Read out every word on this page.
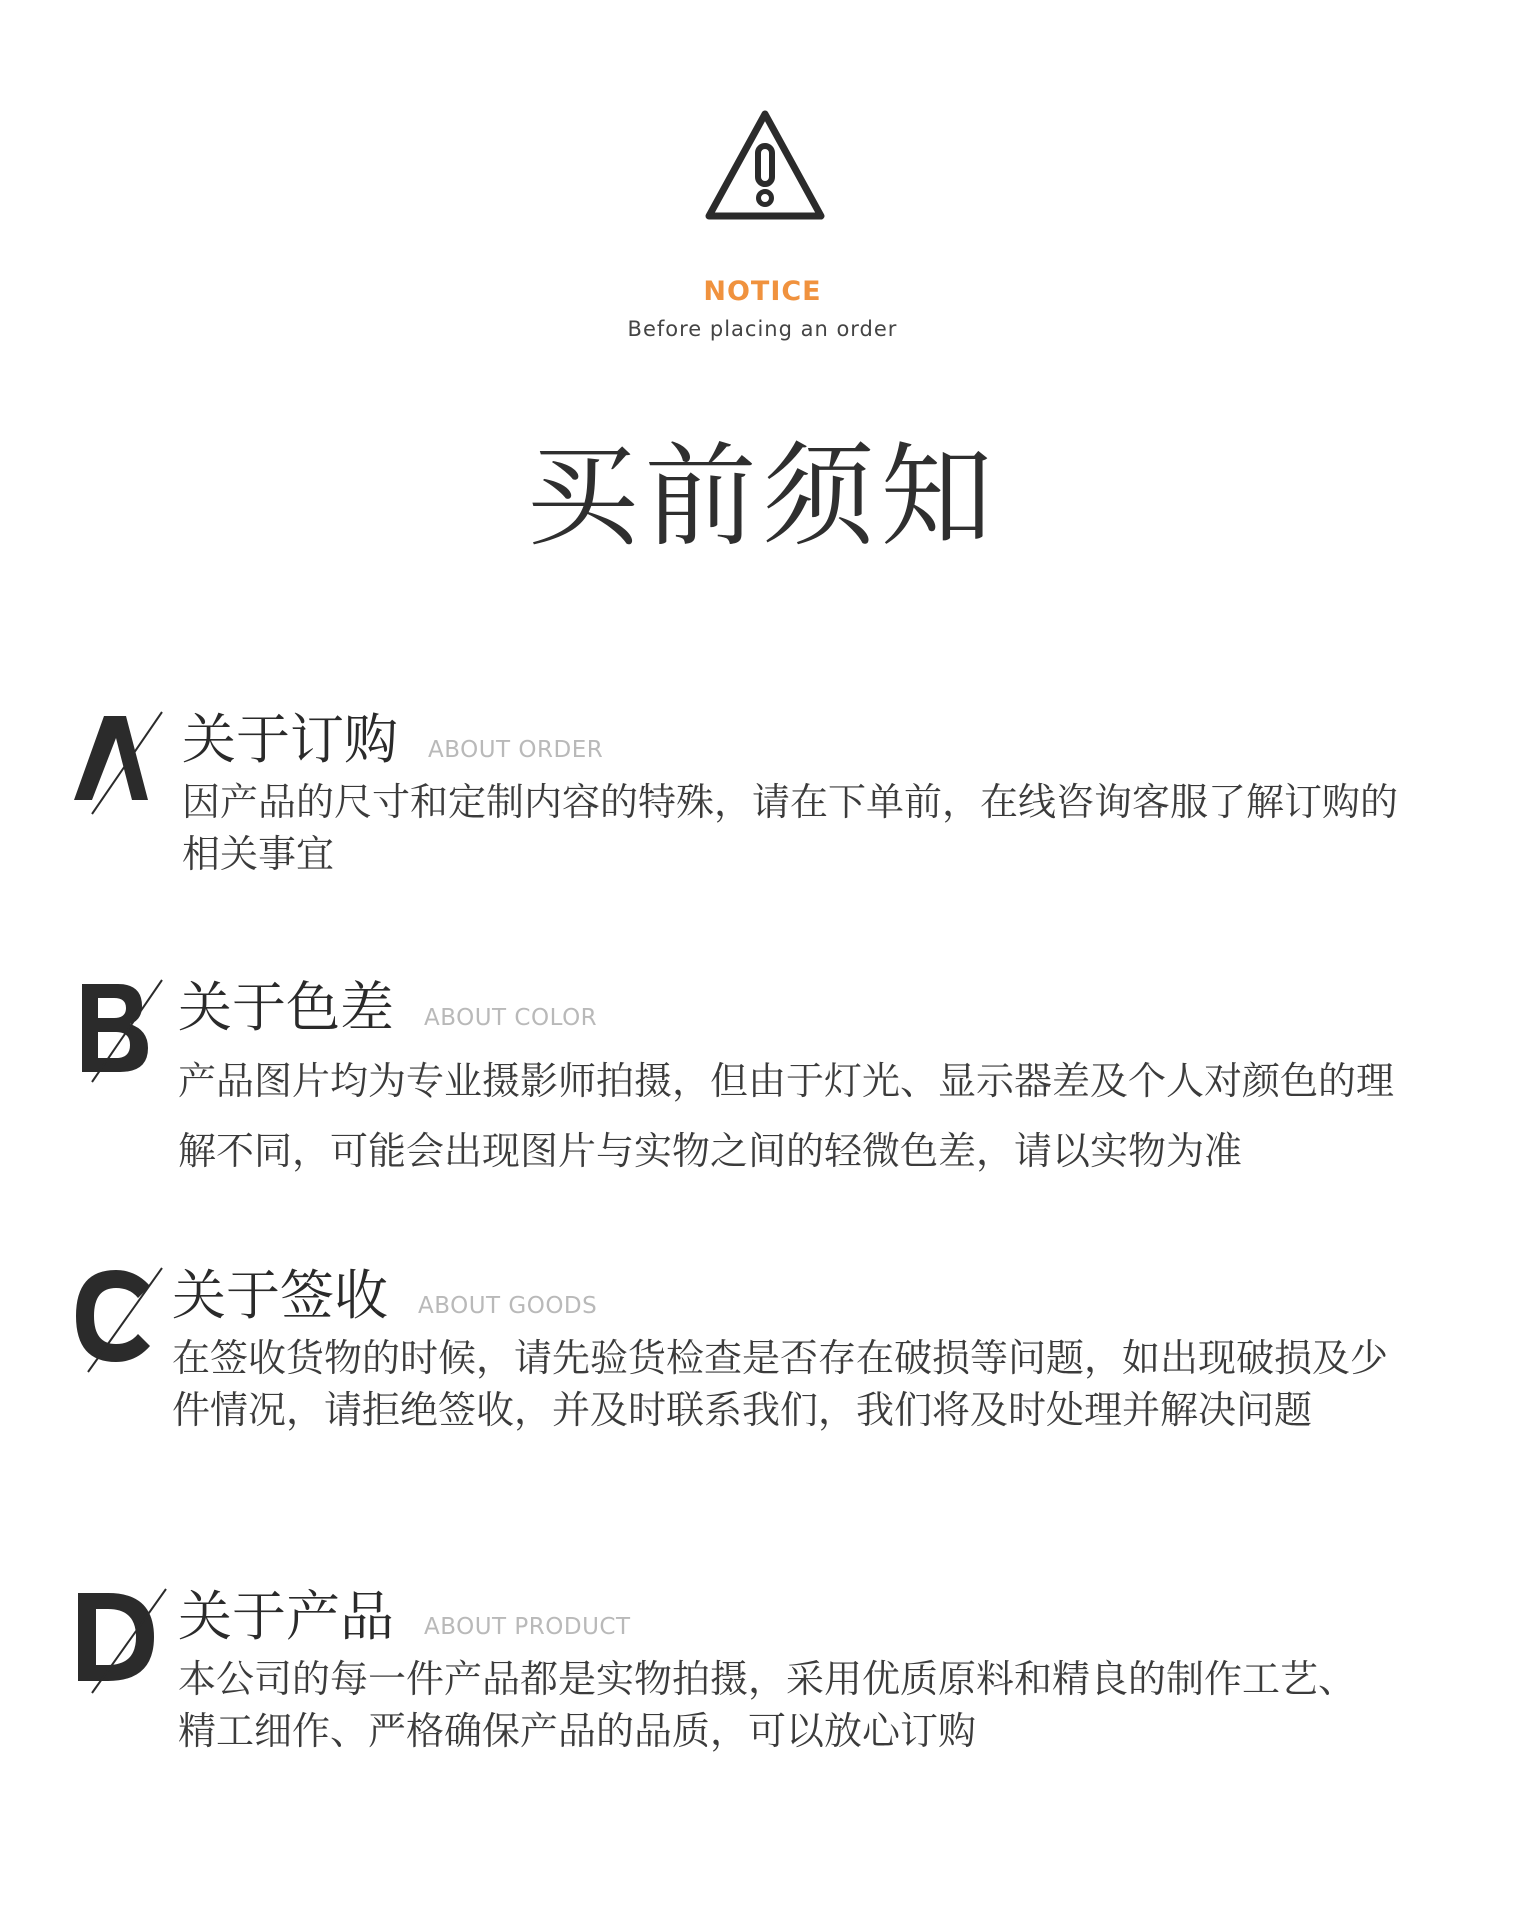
NOTICE
Before placing an order
买前须知
关于订购 ABOUT ORDER
因产品的尺寸和定制内容的特殊，请在下单前，在线咨询客服了解订购的相关事宜
关于色差 ABOUT COLOR
产品图片均为专业摄影师拍摄，但由于灯光、显示器差及个人对颜色的理解不同，可能会出现图片与实物之间的轻微色差，请以实物为准
关于签收 ABOUT GOODS
在签收货物的时候，请先验货检查是否存在破损等问题，如出现破损及少件情况，请拒绝签收，并及时联系我们，我们将及时处理并解决问题
关于产品 ABOUT PRODUCT
本公司的每一件产品都是实物拍摄，采用优质原料和精良的制作工艺、精工细作、严格确保产品的品质，可以放心订购
